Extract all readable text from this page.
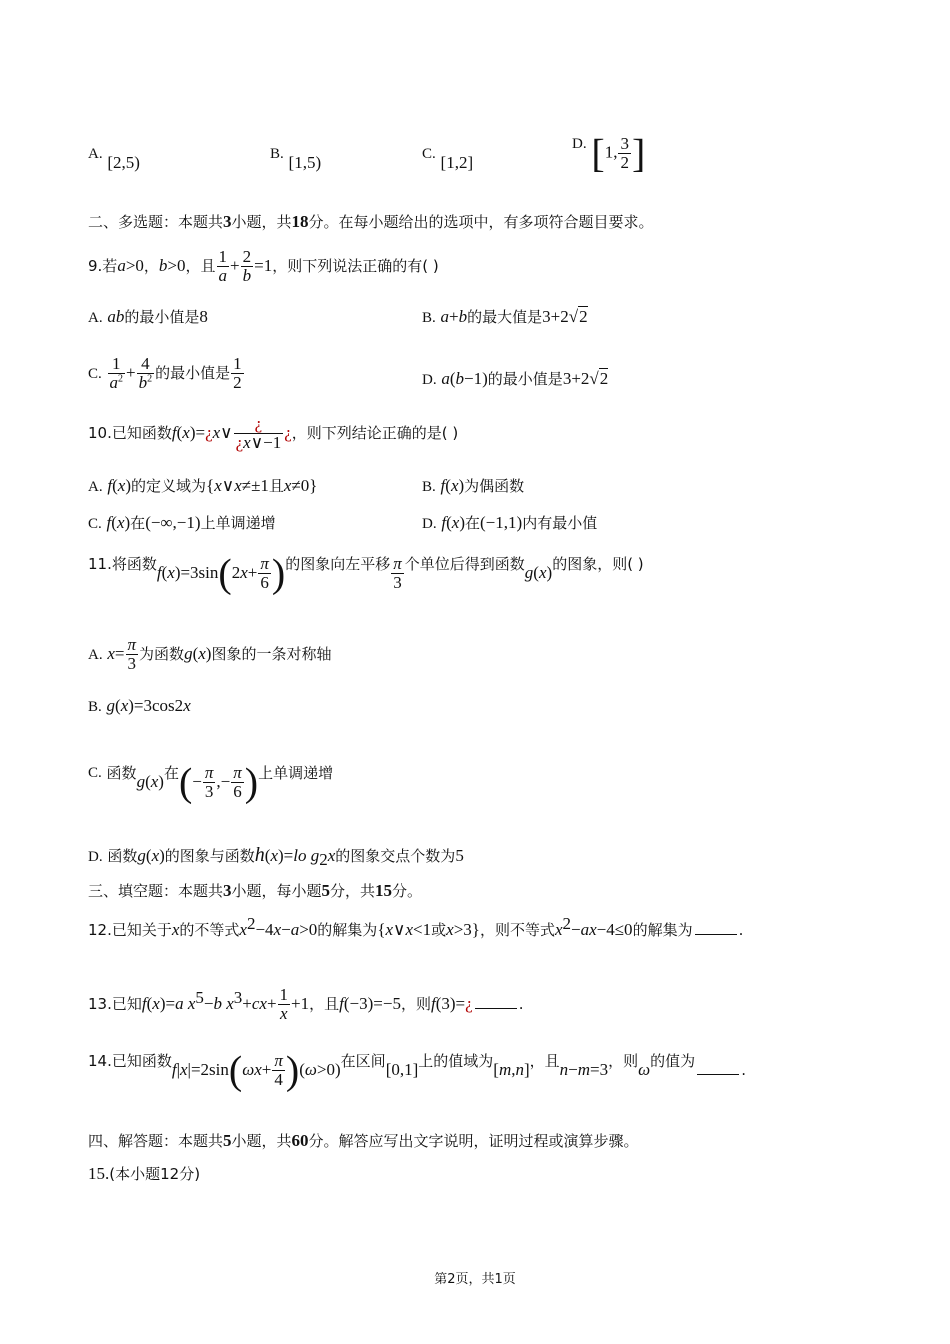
A. [2,5)	B. [1,5)	C. [1,2]
D. [1, $\frac{3}{2}$ ]
二、多选题：本题共3小题，共18分。在每小题给出的选项中，有多项符合题目要求。
9.若a>0，b>0，且 $\frac{1}{a} + \frac{2}{b} =1$，则下列说法正确的有( )
A. ab的最小值是8	B. a+b的最大值是3+2√2
C. $\frac{1}{a^2} + \frac{4}{b^2}$ 的最小值是 $\frac{1}{2}$	D. a(b−1)的最小值是3+2√2
10.已知函数f(x)=¿x∨ $\frac{¿}{¿x\vee-1}$ ¿，则下列结论正确的是( )
A. f(x)的定义域为{x∨x≠±1且x≠0}	B. f(x)为偶函数
C. f(x)在(−∞,−1)上单调递增	D. f(x)在(−1,1)内有最小值
11.将函数$f(x)=3\sin(2x+ \frac{\pi}{6}$ )的图象向左平移 $\frac{\pi}{3}$ 个单位后得到函数g(x)的图象，则( )
A. $x= \frac{\pi}{3}$ 为函数g(x)图象的一条对称轴
B. g(x)=3cos2x
C. 函数g(x)在(− $\frac{\pi}{3}$ ,− $\frac{\pi}{6}$ )上单调递增
D. 函数g(x)的图象与函数h(x)=lo $g_2x$的图象交点个数为5
三、填空题：本题共3小题，每小题5分，共15分。
12.已知关于x的不等式$x^2-4x-a>0$的解集为{x∨x<1或x>3}，则不等式$x^2-ax-4\le 0$的解集为	.
13.已知f(x)=a $x^5-b$ $x^3+cx+ \frac{1}{x} +1$，且f(−3)=−5，则f(3)=¿	.
14.已知函数$f|x|=2\sin(\omega x+ \frac{\pi}{4} )(\omega>0)$在区间[0,1]上的值域为[m,n]，且n−m=3，则ω的值为	.
四、解答题：本题共5小题，共60分。解答应写出文字说明，证明过程或演算步骤。
15.(本小题12分)
第2页，共1页
